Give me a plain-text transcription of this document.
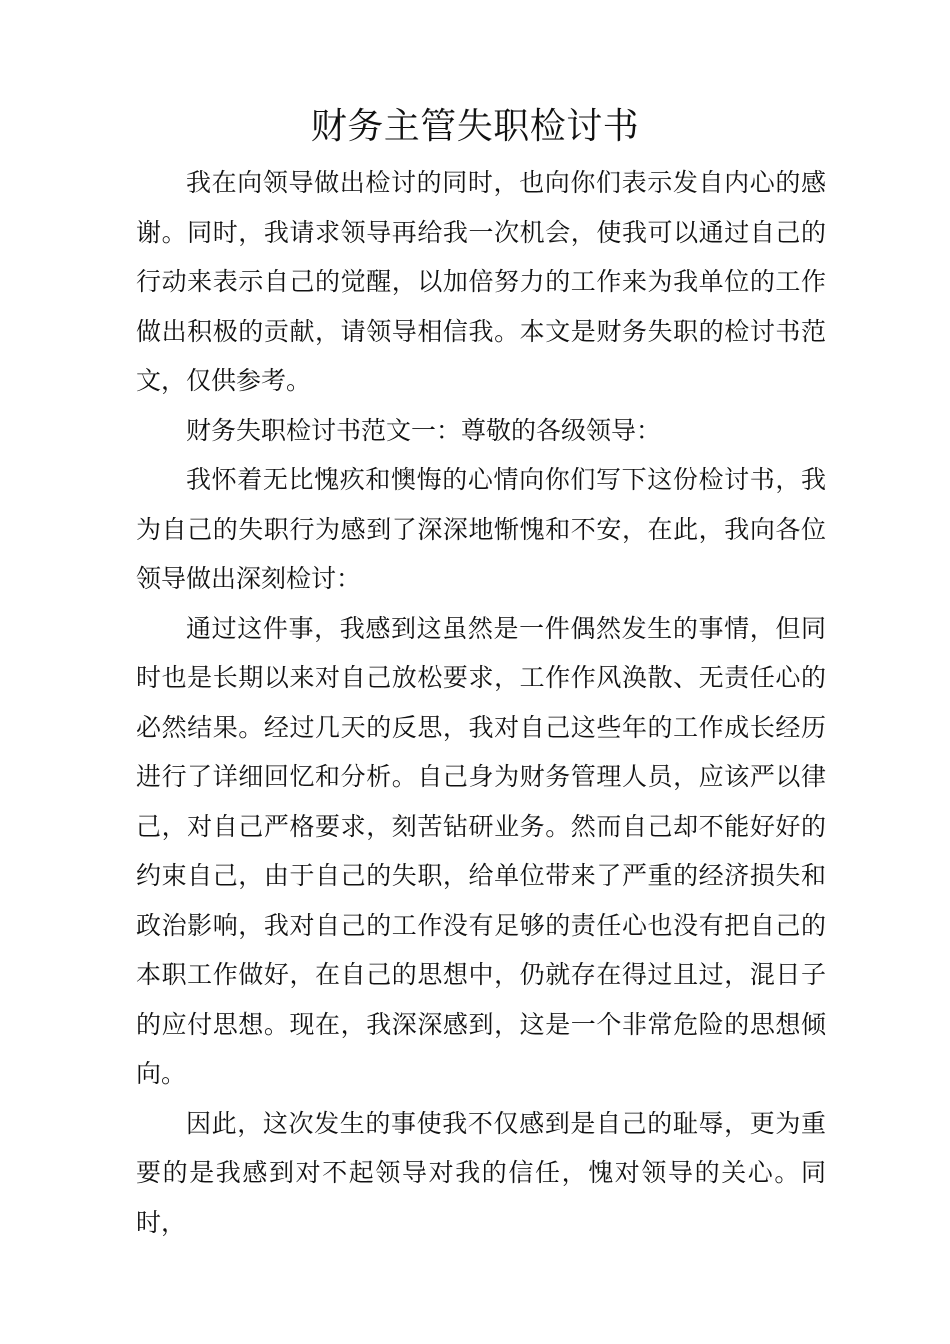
财务主管失职检讨书

我在向领导做出检讨的同时，也向你们表示发自内心的感谢。同时，我请求领导再给我一次机会，使我可以通过自己的行动来表示自己的觉醒，以加倍努力的工作来为我单位的工作做出积极的贡献，请领导相信我。本文是财务失职的检讨书范文，仅供参考。

财务失职检讨书范文一：尊敬的各级领导：

我怀着无比愧疚和懊悔的心情向你们写下这份检讨书，我为自己的失职行为感到了深深地惭愧和不安，在此，我向各位领导做出深刻检讨：

通过这件事，我感到这虽然是一件偶然发生的事情，但同时也是长期以来对自己放松要求，工作作风涣散、无责任心的必然结果。经过几天的反思，我对自己这些年的工作成长经历进行了详细回忆和分析。自己身为财务管理人员，应该严以律己，对自己严格要求，刻苦钻研业务。然而自己却不能好好的约束自己，由于自己的失职，给单位带来了严重的经济损失和政治影响，我对自己的工作没有足够的责任心也没有把自己的本职工作做好，在自己的思想中，仍就存在得过且过，混日子的应付思想。现在，我深深感到，这是一个非常危险的思想倾向。

因此，这次发生的事使我不仅感到是自己的耻辱，更为重要的是我感到对不起领导对我的信任，愧对领导的关心。同时，
